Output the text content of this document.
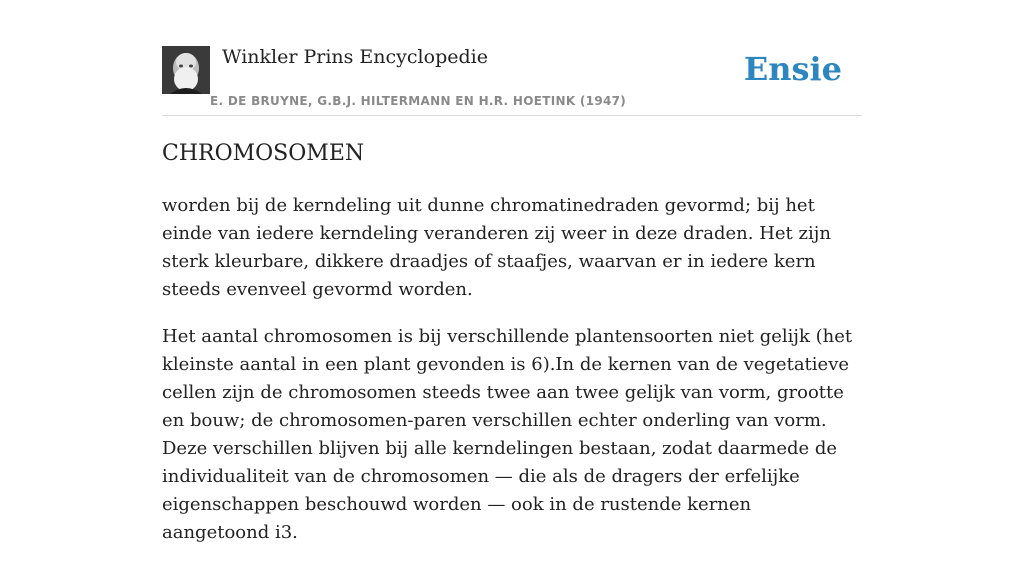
Winkler Prins Encyclopedie
E. DE BRUYNE, G.B.J. HILTERMANN EN H.R. HOETINK (1947)
Ensie
CHROMOSOMEN

worden bij de kerndeling uit dunne chromatinedraden gevormd; bij het einde van iedere kerndeling veranderen zij weer in deze draden. Het zijn sterk kleurbare, dikkere draadjes of staafjes, waarvan er in iedere kern steeds evenveel gevormd worden.

Het aantal chromosomen is bij verschillende plantensoorten niet gelijk (het kleinste aantal in een plant gevonden is 6).In de kernen van de vegetatieve cellen zijn de chromosomen steeds twee aan twee gelijk van vorm, grootte en bouw; de chromosomen-paren verschillen echter onderling van vorm. Deze verschillen blijven bij alle kerndelingen bestaan, zodat daarmede de individualiteit van de chromosomen — die als de dragers der erfelijke eigenschappen beschouwd worden — ook in de rustende kernen aangetoond i3.
